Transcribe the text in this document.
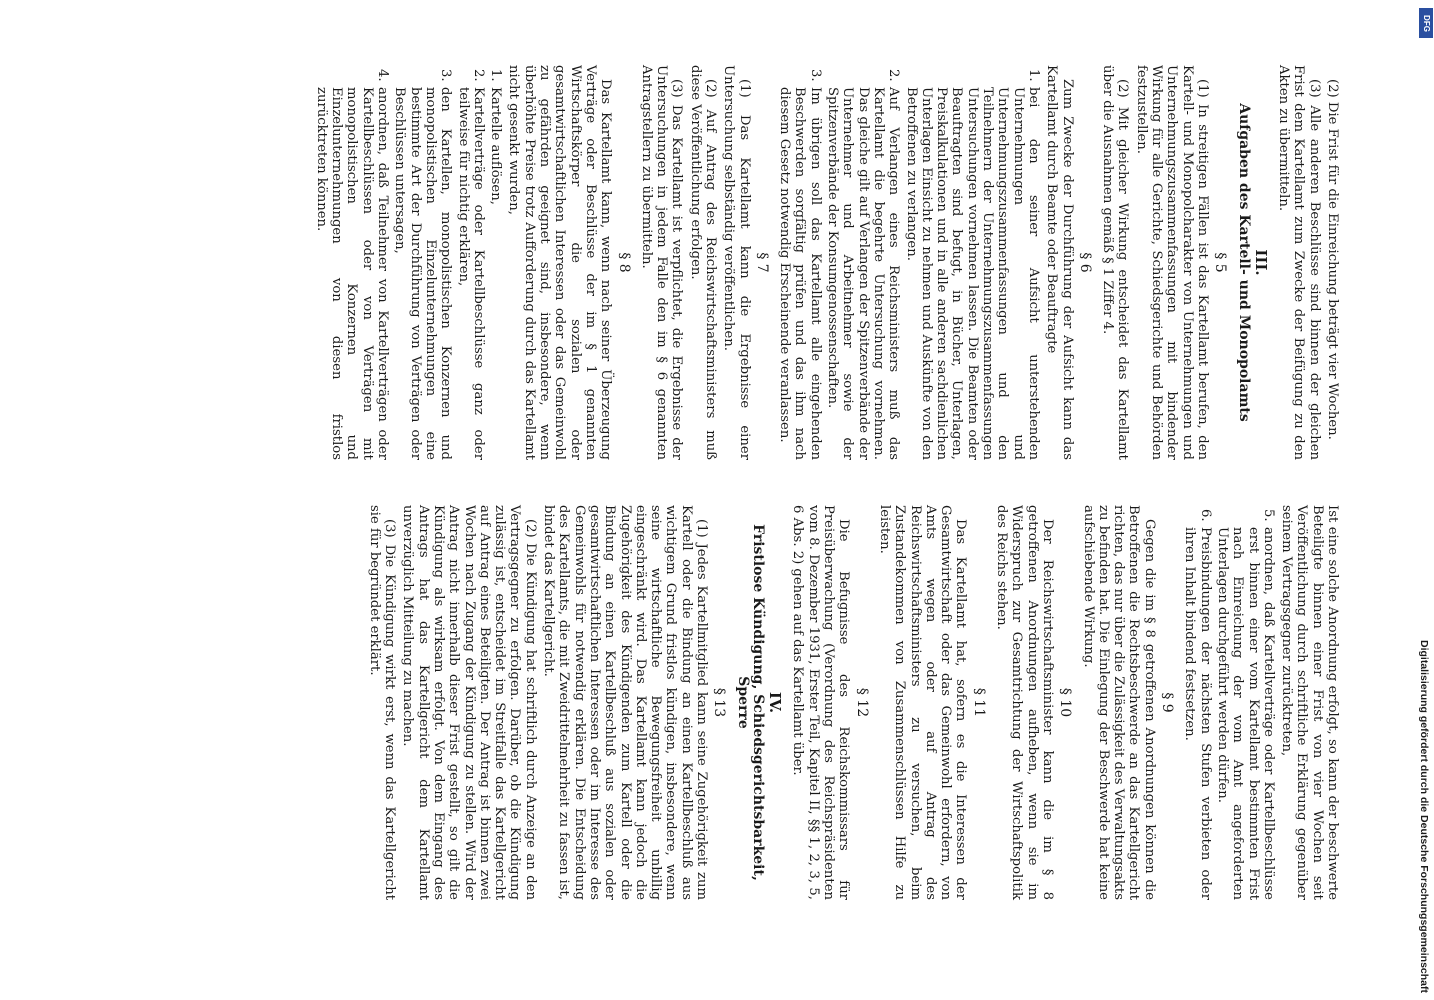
(2) Die Frist für die Einreichung beträgt vier Wochen.

(3) Alle anderen Beschlüsse sind binnen der gleichen Frist dem Kartellamt zum Zwecke der Beifügung zu den Akten zu übermitteln.

III.
Aufgaben des Kartell- und Monopolamts
§ 5

(1) In streitigen Fällen ist das Kartellamt berufen, den Kartell- und Monopolcharakter von Unternehmungen und Unternehmungszusammenfassungen mit bindender Wirkung für alle Gerichte, Schiedsgerichte und Behörden festzustellen.

(2) Mit gleicher Wirkung entscheidet das Kartellamt über die Ausnahmen gemäß § 1 Ziffer 4.

§ 6

Zum Zwecke der Durchführung der Aufsicht kann das Kartellamt durch Beamte oder Beauftragte

1.
bei den seiner Aufsicht unterstehenden Unternehmungen und Unternehmungszusammenfassungen und den Teilnehmern der Unternehmungszusammenfassungen Untersuchungen vornehmen lassen. Die Beamten oder Beauftragten sind befugt, in Bücher, Unterlagen, Preiskalkulationen und in alle anderen sachdienlichen Unterlagen Einsicht zu nehmen und Auskünfte von den Betroffenen zu verlangen.
2.
Auf Verlangen eines Reichsministers muß das Kartellamt die begehrte Untersuchung vornehmen. Das gleiche gilt auf Verlangen der Spitzenverbände der Unternehmer und Arbeitnehmer sowie der Spitzenverbände der Konsumgenossenschaften.
3.
Im übrigen soll das Kartellamt alle eingehenden Beschwerden sorgfältig prüfen und das ihm nach diesem Gesetz notwendig Erscheinende veranlassen.
§ 7

(1) Das Kartellamt kann die Ergebnisse einer Untersuchung selbständig veröffentlichen.

(2) Auf Antrag des Reichswirtschaftsministers muß diese Veröffentlichung erfolgen.

(3) Das Kartellamt ist verpflichtet, die Ergebnisse der Untersuchungen in jedem Falle den im § 6 genannten Antragstellern zu übermitteln.

§ 8

Das Kartellamt kann, wenn nach seiner Überzeugung Verträge oder Beschlüsse der im § 1 genannten Wirtschaftskörper die sozialen oder gesamtwirtschaftlichen Interessen oder das Gemeinwohl zu gefährden geeignet sind, insbesondere, wenn überhöhte Preise trotz Aufforderung durch das Kartellamt nicht gesenkt wurden,

1.
Kartelle auflösen,
2.
Kartellverträge oder Kartellbeschlüsse ganz oder teilweise für nichtig erklären,
3.
den Kartellen, monopolistischen Konzernen und monopolistischen Einzelunternehmungen eine bestimmte Art der Durchführung von Verträgen oder Beschlüssen untersagen,
4.
anordnen, daß Teilnehmer von Kartellverträgen oder Kartellbeschlüssen oder von Verträgen mit monopolistischen Konzernen und Einzelunternehmungen von diesen fristlos zurücktreten können.

Ist eine solche Anordnung erfolgt, so kann der beschwerte Beteiligte binnen einer Frist von vier Wochen seit Veröffentlichung durch schriftliche Erklärung gegenüber seinem Vertragsgegner zurücktreten,

5.
anordnen, daß Kartellverträge oder Kartellbeschlüsse erst binnen einer vom Kartellamt bestimmten Frist nach Einreichung der vom Amt angeforderten Unterlagen durchgeführt werden dürfen.
6.
Preisbindungen der nächsten Stufen verbieten oder ihren Inhalt bindend festsetzen.
§ 9

Gegen die im § 8 getroffenen Anordnungen können die Betroffenen die Rechtsbeschwerde an das Kartellgericht richten, das nur über die Zulässigkeit des Verwaltungsakts zu befinden hat. Die Einlegung der Beschwerde hat keine aufschiebende Wirkung.

§ 10

Der Reichswirtschaftsminister kann die im § 8 getroffenen Anordnungen aufheben, wenn sie im Widerspruch zur Gesamtrichtung der Wirtschaftspolitik des Reichs stehen.

§ 11

Das Kartellamt hat, sofern es die Interessen der Gesamtwirtschaft oder das Gemeinwohl erfordern, von Amts wegen oder auf Antrag des Reichswirtschaftsministers zu versuchen, beim Zustandekommen von Zusammenschlüssen Hilfe zu leisten.

§ 12

Die Befugnisse des Reichskommissars für Preisüberwachung (Verordnung des Reichspräsidenten vom 8. Dezember 1931, Erster Teil, Kapitel II, §§ 1, 2, 3, 5, 6 Abs. 2) gehen auf das Kartellamt über.

IV.
Fristlose Kündigung, Schiedsgerichtsbarkeit, Sperre
§ 13

(1) Jedes Kartellmitglied kann seine Zugehörigkeit zum Kartell oder die Bindung an einen Kartellbeschluß aus wichtigem Grund fristlos kündigen, insbesondere, wenn seine wirtschaftliche Bewegungsfreiheit unbillig eingeschränkt wird. Das Kartellamt kann jedoch die Zugehörigkeit des Kündigenden zum Kartell oder die Bindung an einen Kartellbeschluß aus sozialen oder gesamtwirtschaftlichen Interessen oder im Interesse des Gemeinwohls für notwendig erklären. Die Entscheidung des Kartellamts, die mit Zweidrittelmehrheit zu fassen ist, bindet das Kartellgericht.

(2) Die Kündigung hat schriftlich durch Anzeige an den Vertragsgegner zu erfolgen. Darüber, ob die Kündigung zulässig ist, entscheidet im Streitfalle das Kartellgericht auf Antrag eines Beteiligten. Der Antrag ist binnen zwei Wochen nach Zugang der Kündigung zu stellen. Wird der Antrag nicht innerhalb dieser Frist gestellt, so gilt die Kündigung als wirksam erfolgt. Von dem Eingang des Antrags hat das Kartellgericht dem Kartellamt unverzüglich Mitteilung zu machen.

(3) Die Kündigung wirkt erst, wenn das Kartellgericht sie für begründet erklärt.

Digitalisierung gefördert durch die Deutsche Forschungsgemeinschaft
DFG
